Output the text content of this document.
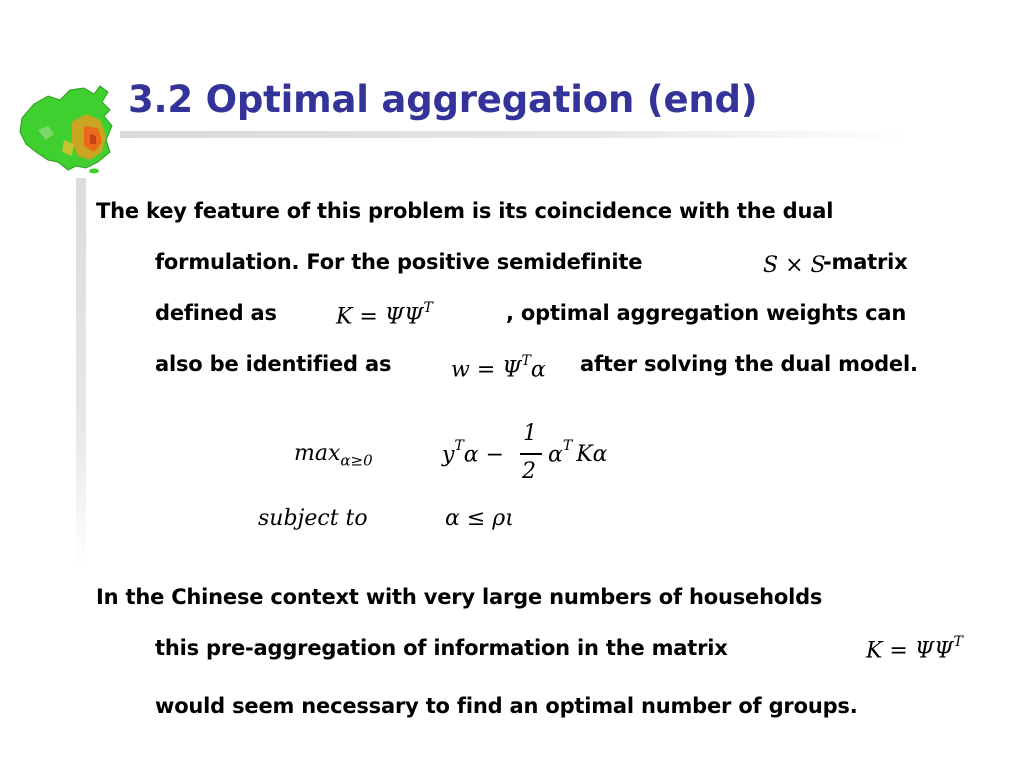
3.2 Optimal aggregation (end)
The key feature of this problem is its coincidence with the dual
formulation. For the positive semidefinite	S × S
-matrix
defined as	$K = \Psi\Psi^T$	, optimal aggregation weights can
also be identified as	$w = \Psi^T\alpha$ after solving the dual model.
$\max_{\alpha\ge 0}$	$y^T\alpha$ −
1
2
$\alpha^T$ Kα
subject to	α ≤ ρι
In the Chinese context with very large numbers of households
this pre-aggregation of information in the matrix	$K = \Psi\Psi^T$
would seem necessary to find an optimal number of groups.
